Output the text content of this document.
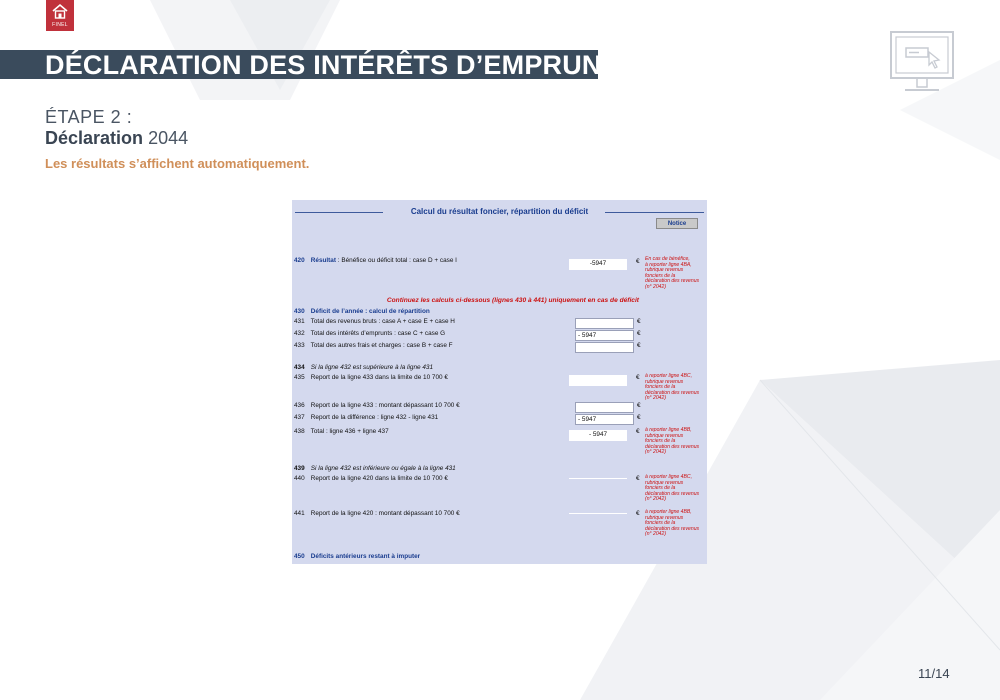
FINEL
DÉCLARATION DES INTÉRÊTS D’EMPRUNT
ÉTAPE 2 :
Déclaration 2044
Les résultats s’affichent automatiquement.
Calcul du résultat foncier, répartition du déficit
Notice
420 Résultat : Bénéfice ou déficit total : case D + case I	-5947	€ En cas de bénéfice,
à reporter ligne 4BA,
rubrique revenus
fonciers de la
déclaration des revenus
(n° 2042)
Continuez les calculs ci-dessous (lignes 430 à 441) uniquement en cas de déficit
430 Déficit de l’année : calcul de répartition
431 Total des revenus bruts : case A + case E + case H	€
432 Total des intérêts d’emprunts : case C + case G	- 5947	€
433 Total des autres frais et charges : case B + case F	€
434 Si la ligne 432 est supérieure à la ligne 431
435 Report de la ligne 433 dans la limite de 10 700 €	€ à reporter ligne 4BC,
rubrique revenus
fonciers de la
déclaration des revenus
(n° 2042)
436 Report de la ligne 433 : montant dépassant 10 700 €	€
437 Report de la différence : ligne 432 - ligne 431	- 5947	€
438 Total : ligne 436 + ligne 437	- 5947	€ à reporter ligne 4BB,
rubrique revenus
fonciers de la
déclaration des revenus
(n° 2042)
439 Si la ligne 432 est inférieure ou égale à la ligne 431
440 Report de la ligne 420 dans la limite de 10 700 €	€ à reporter ligne 4BC,
rubrique revenus
fonciers de la
déclaration des revenus
(n° 2042)
441 Report de la ligne 420 : montant dépassant 10 700 €	€ à reporter ligne 4BB,
rubrique revenus
fonciers de la
déclaration des revenus
(n° 2042)
450 Déficits antérieurs restant à imputer
11/14
